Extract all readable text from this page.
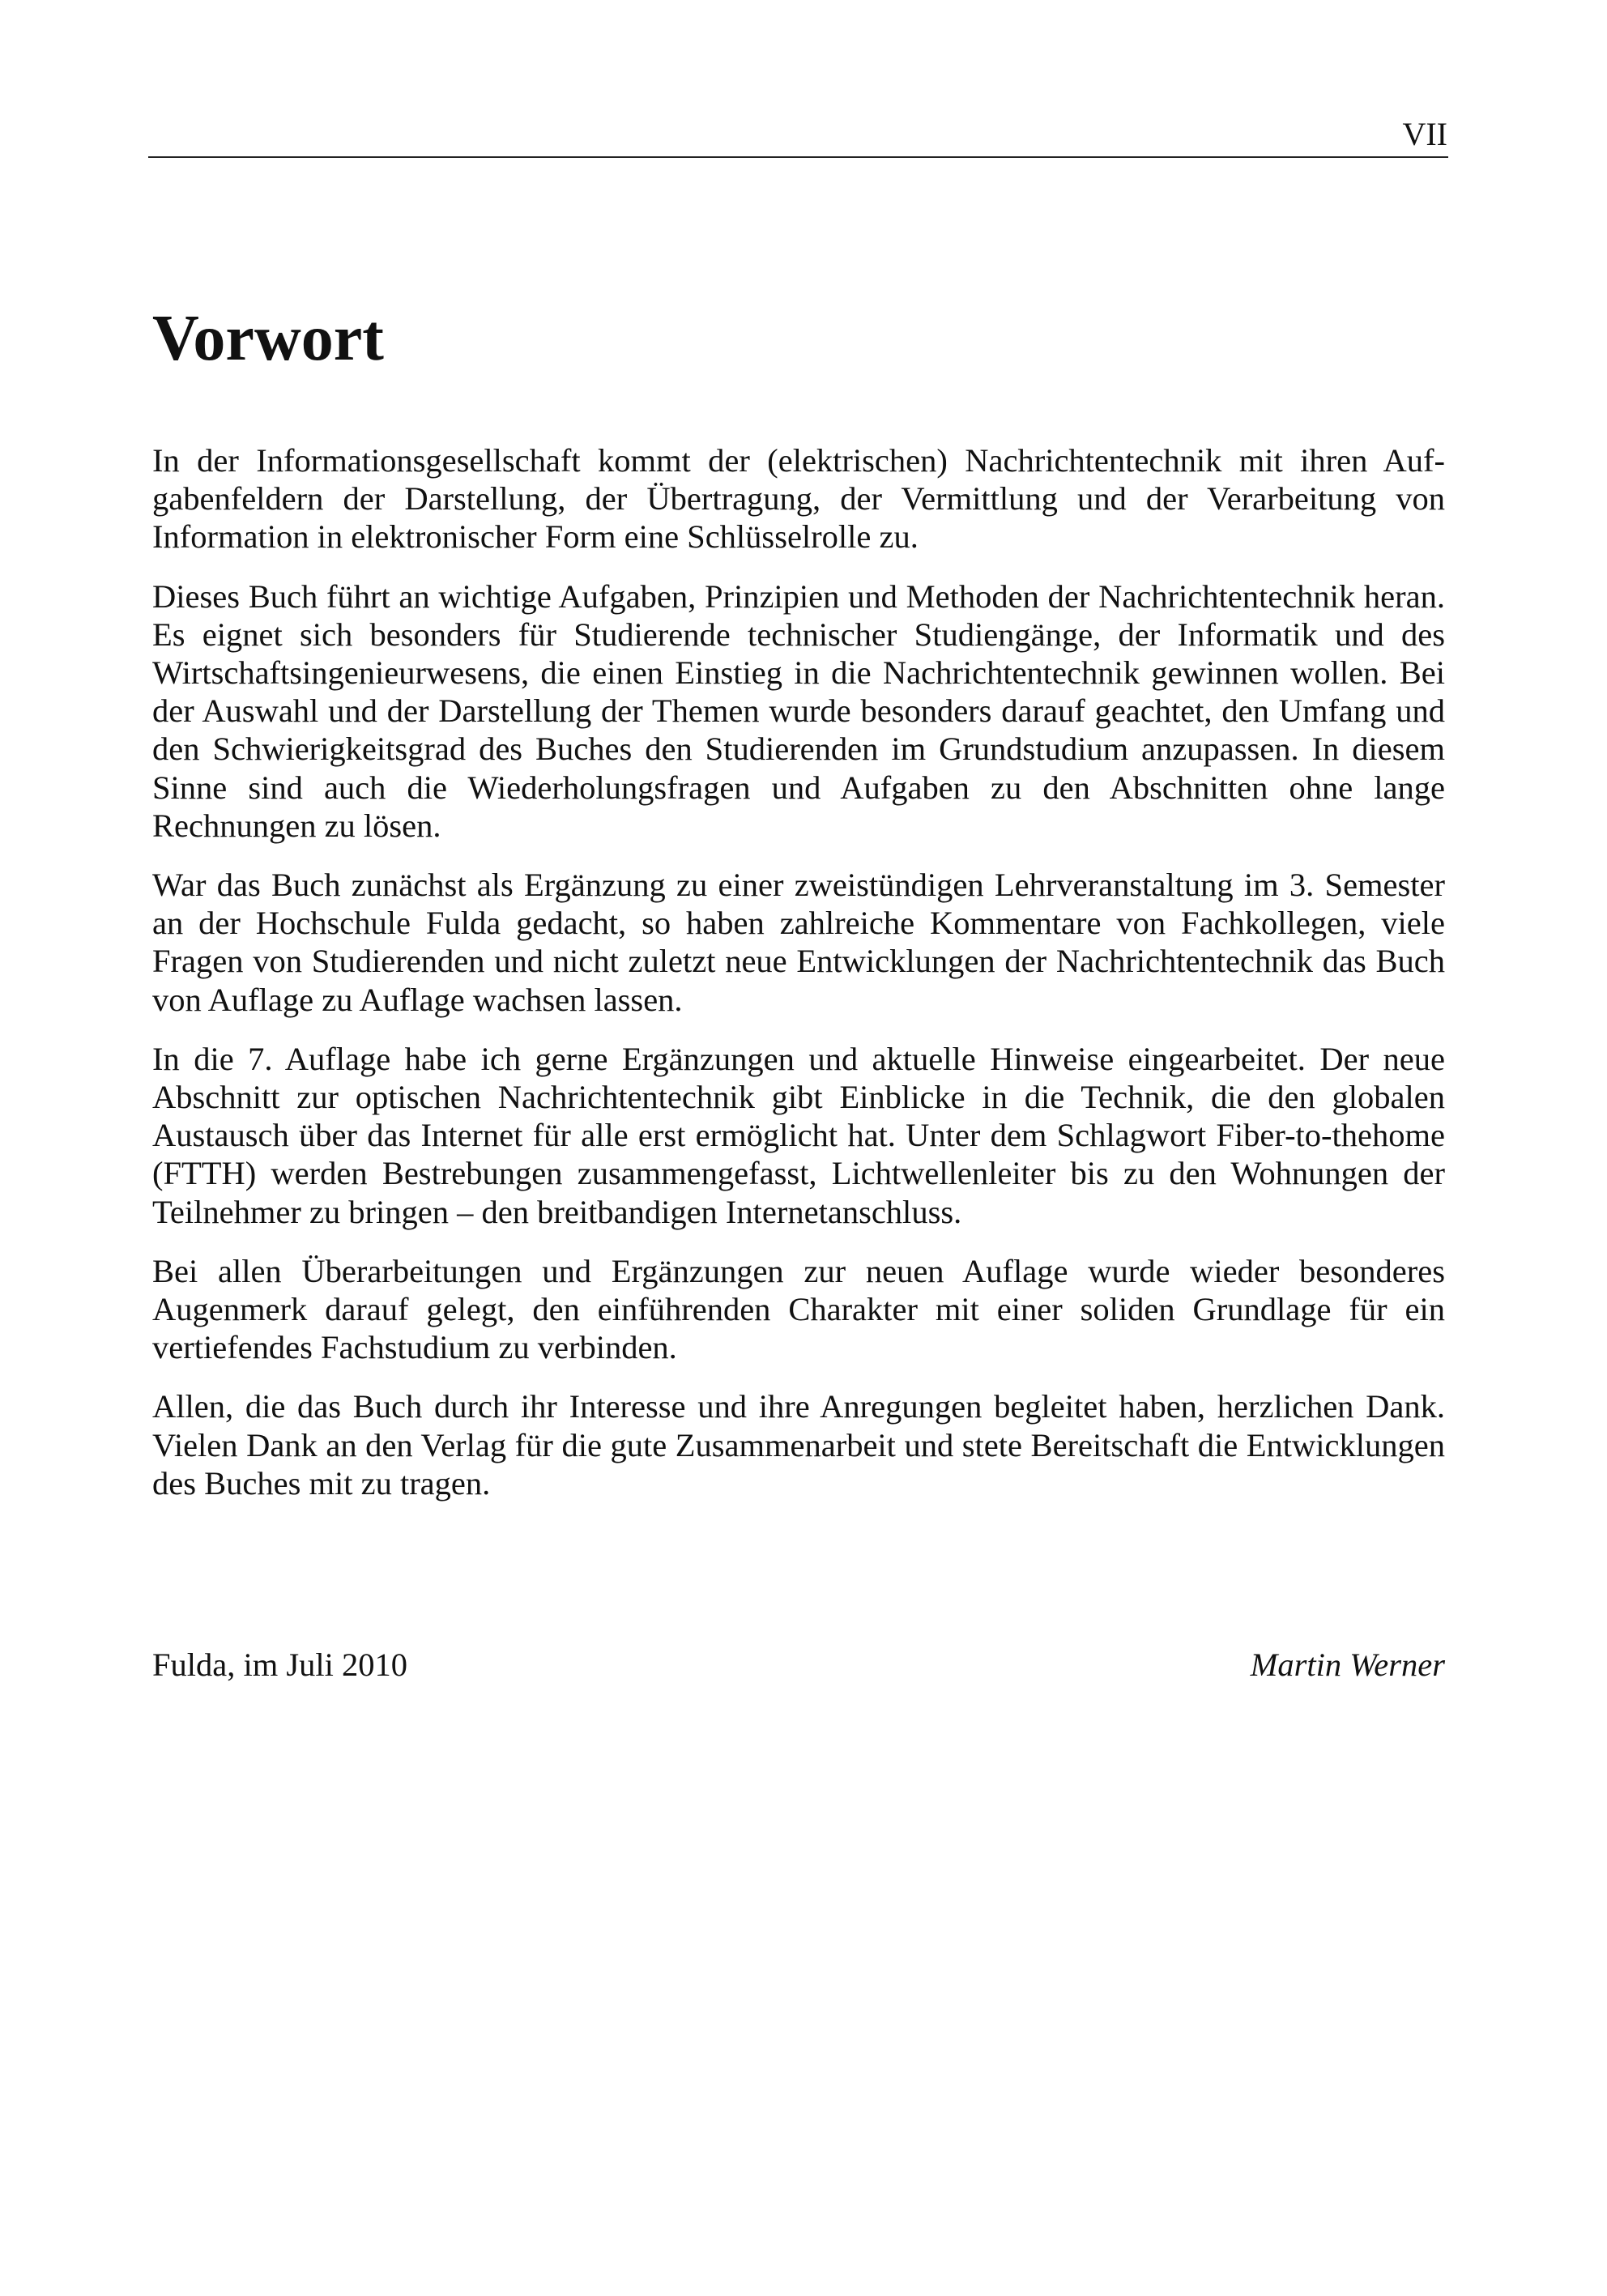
VII
Vorwort

In der Informationsgesellschaft kommt der (elektrischen) Nachrichtentechnik mit ihren Aufgabenfeldern der Darstellung, der Übertragung, der Vermittlung und der Verarbeitung von Information in elektronischer Form eine Schlüsselrolle zu.

Dieses Buch führt an wichtige Aufgaben, Prinzipien und Methoden der Nachrichtentechnik heran. Es eignet sich besonders für Studierende technischer Studiengänge, der Informatik und des Wirtschaftsingenieurwesens, die einen Einstieg in die Nachrichtentechnik gewinnen wollen. Bei der Auswahl und der Darstellung der Themen wurde besonders darauf geachtet, den Umfang und den Schwierigkeitsgrad des Buches den Studierenden im Grundstudium anzupassen. In diesem Sinne sind auch die Wiederholungsfragen und Aufgaben zu den Abschnitten ohne lange Rechnungen zu lösen.

War das Buch zunächst als Ergänzung zu einer zweistündigen Lehrveranstaltung im 3. Semester an der Hochschule Fulda gedacht, so haben zahlreiche Kommentare von Fachkollegen, viele Fragen von Studierenden und nicht zuletzt neue Entwicklungen der Nachrichtentechnik das Buch von Auflage zu Auflage wachsen lassen.

In die 7. Auflage habe ich gerne Ergänzungen und aktuelle Hinweise eingearbeitet. Der neue Abschnitt zur optischen Nachrichtentechnik gibt Einblicke in die Technik, die den globalen Austausch über das Internet für alle erst ermöglicht hat. Unter dem Schlagwort Fiber-to-thehome (FTTH) werden Bestrebungen zusammengefasst, Lichtwellenleiter bis zu den Wohnungen der Teilnehmer zu bringen – den breitbandigen Internetanschluss.

Bei allen Überarbeitungen und Ergänzungen zur neuen Auflage wurde wieder besonderes Augenmerk darauf gelegt, den einführenden Charakter mit einer soliden Grundlage für ein vertiefendes Fachstudium zu verbinden.

Allen, die das Buch durch ihr Interesse und ihre Anregungen begleitet haben, herzlichen Dank. Vielen Dank an den Verlag für die gute Zusammenarbeit und stete Bereitschaft die Entwicklungen des Buches mit zu tragen.

Fulda, im Juli 2010	Martin Werner
